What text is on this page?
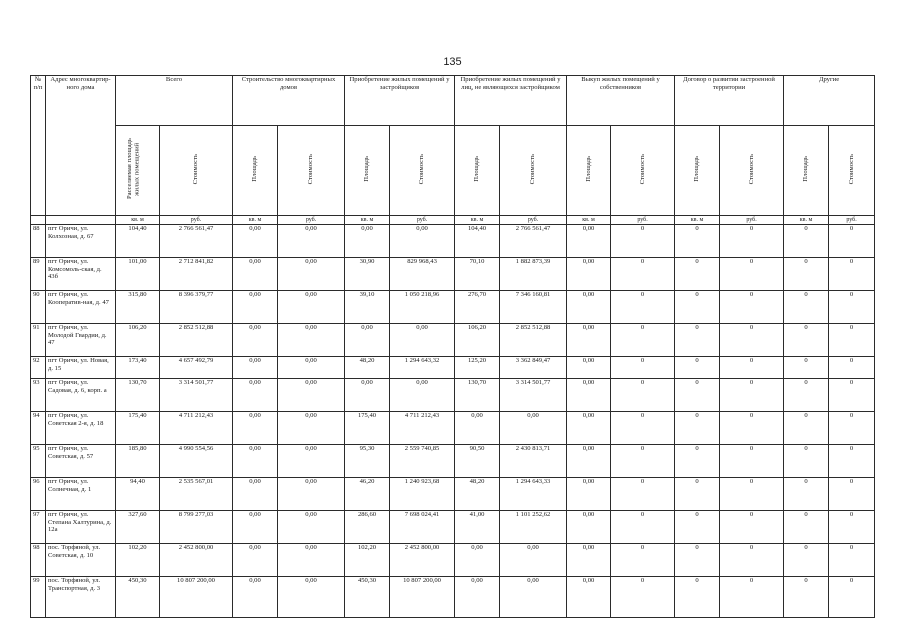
135
№ п/п	Адрес многоквартир-ного дома	Всего		Строительство многоквартирных домов		Приобретение жилых помещений у застройщиков		Приобретение жилых помещений у лиц, не являющихся застройщиком		Выкуп жилых помещений у собственников		Договор о развитии застроенной территории		Другие	
		Расселяемая площадь жилых помещений	Стоимость	Площадь	Стоимость	Площадь	Стоимость	Площадь	Стоимость	Площадь	Стоимость	Площадь	Стоимость	Площадь	Стоимость
		кв. м	руб.	кв. м	руб.	кв. м	руб.	кв. м	руб.	кв. м	руб.	кв. м	руб.	кв. м	руб.
88	пгт Оричи, ул. Колхозная, д. 67	104,40	2 766 561,47	0,00	0,00	0,00	0,00	104,40	2 766 561,47	0,00	0	0	0	0	0
89	пгт Оричи, ул. Комсомоль-ская, д. 43б	101,00	2 712 841,82	0,00	0,00	30,90	829 968,43	70,10	1 882 873,39	0,00	0	0	0	0	0
90	пгт Оричи, ул. Кооператив-ная, д. 47	315,80	8 396 379,77	0,00	0,00	39,10	1 050 218,96	276,70	7 346 160,81	0,00	0	0	0	0	0
91	пгт Оричи, ул. Молодой Гвардии, д. 47	106,20	2 852 512,88	0,00	0,00	0,00	0,00	106,20	2 852 512,88	0,00	0	0	0	0	0
92	пгт Оричи, ул. Новая, д. 15	173,40	4 657 492,79	0,00	0,00	48,20	1 294 643,32	125,20	3 362 849,47	0,00	0	0	0	0	0
93	пгт Оричи, ул. Садовая, д. 6, корп. а	130,70	3 314 501,77	0,00	0,00	0,00	0,00	130,70	3 314 501,77	0,00	0	0	0	0	0
94	пгт Оричи, ул. Советская 2-я, д. 18	175,40	4 711 212,43	0,00	0,00	175,40	4 711 212,43	0,00	0,00	0,00	0	0	0	0	0
95	пгт Оричи, ул. Советская, д. 57	185,80	4 990 554,56	0,00	0,00	95,30	2 559 740,85	90,50	2 430 813,71	0,00	0	0	0	0	0
96	пгт Оричи, ул. Солнечная, д. 1	94,40	2 535 567,01	0,00	0,00	46,20	1 240 923,68	48,20	1 294 643,33	0,00	0	0	0	0	0
97	пгт Оричи, ул. Степана Халтурина, д. 12а	327,60	8 799 277,03	0,00	0,00	286,60	7 698 024,41	41,00	1 101 252,62	0,00	0	0	0	0	0
98	пос. Торфяной, ул. Советская, д. 10	102,20	2 452 800,00	0,00	0,00	102,20	2 452 800,00	0,00	0,00	0,00	0	0	0	0	0
99	пос. Торфяной, ул. Транспортная, д. 3	450,30	10 807 200,00	0,00	0,00	450,30	10 807 200,00	0,00	0,00	0,00	0	0	0	0	0
